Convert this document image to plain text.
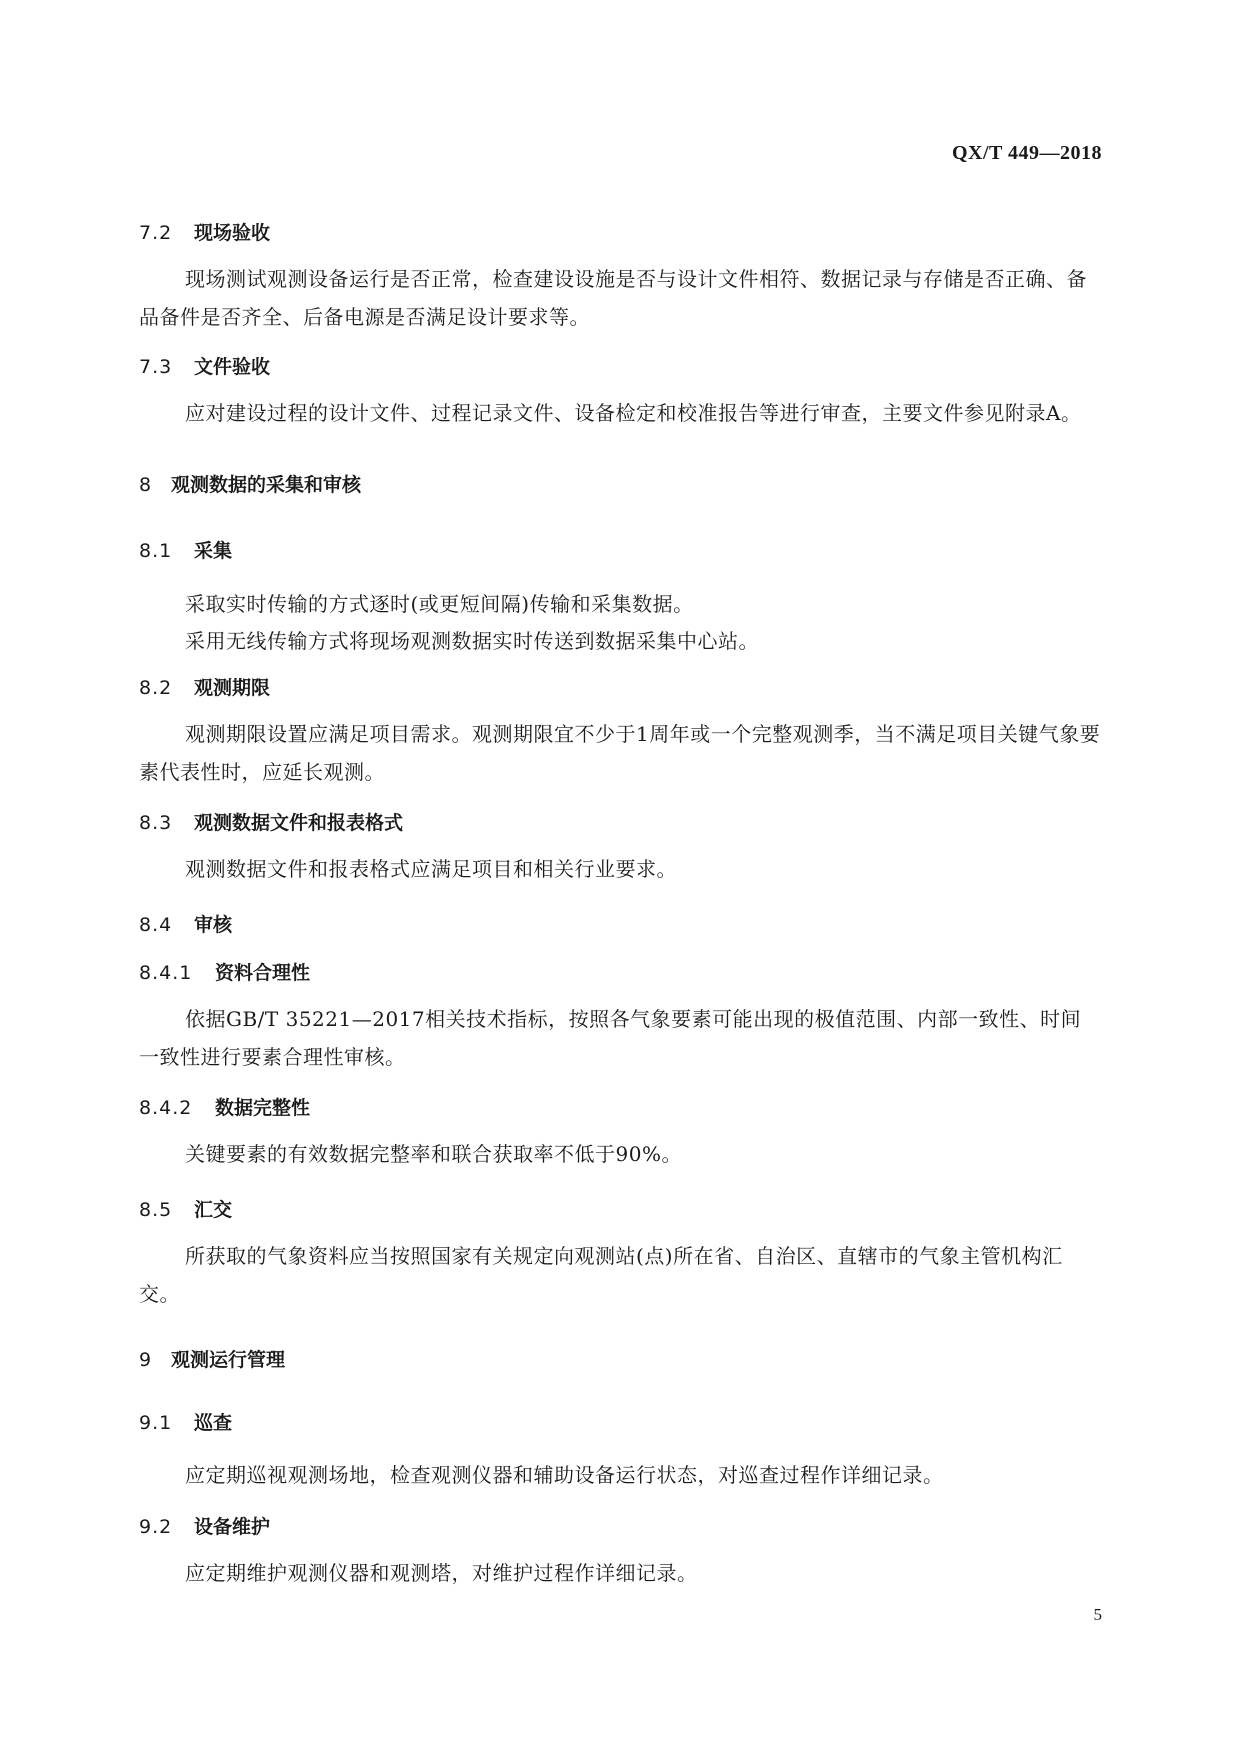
QX/T 449—2018
7.2 现场验收
现场测试观测设备运行是否正常，检查建设设施是否与设计文件相符、数据记录与存储是否正确、备品备件是否齐全、后备电源是否满足设计要求等。
7.3 文件验收
应对建设过程的设计文件、过程记录文件、设备检定和校准报告等进行审查，主要文件参见附录A。
8 观测数据的采集和审核
8.1 采集
采取实时传输的方式逐时(或更短间隔)传输和采集数据。
采用无线传输方式将现场观测数据实时传送到数据采集中心站。
8.2 观测期限
观测期限设置应满足项目需求。观测期限宜不少于1周年或一个完整观测季，当不满足项目关键气象要素代表性时，应延长观测。
8.3 观测数据文件和报表格式
观测数据文件和报表格式应满足项目和相关行业要求。
8.4 审核
8.4.1 资料合理性
依据GB/T 35221—2017相关技术指标，按照各气象要素可能出现的极值范围、内部一致性、时间一致性进行要素合理性审核。
8.4.2 数据完整性
关键要素的有效数据完整率和联合获取率不低于90%。
8.5 汇交
所获取的气象资料应当按照国家有关规定向观测站(点)所在省、自治区、直辖市的气象主管机构汇交。
9 观测运行管理
9.1 巡查
应定期巡视观测场地，检查观测仪器和辅助设备运行状态，对巡查过程作详细记录。
9.2 设备维护
应定期维护观测仪器和观测塔，对维护过程作详细记录。
5
